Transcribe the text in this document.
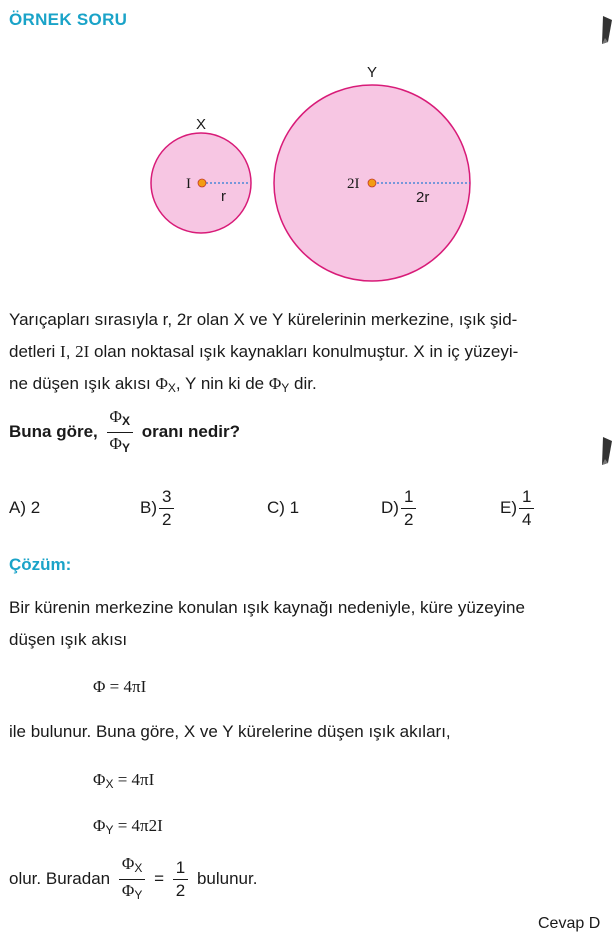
ÖRNEK SORU
X
I
r
Y
2I
2r
Yarıçapları sırasıyla r, 2r olan X ve Y kürelerinin merkezine, ışık şid-
detleri I, 2I olan noktasal ışık kaynakları konulmuştur. X in iç yüzeyi-
ne düşen ışık akısı $\Phi_X$, Y nin ki de $\Phi_Y$ dir.
Buna göre, $\frac{\Phi_X}{\Phi_Y}$ oranı nedir?
A) 2	$B) \frac{3}{2}$	C) 1	$D) \frac{1}{2}$	$E) \frac{1}{4}$
Çözüm:
Bir kürenin merkezine konulan ışık kaynağı nedeniyle, küre yüzeyine
düşen ışık akısı
Φ = 4πI
ile bulunur. Buna göre, X ve Y kürelerine düşen ışık akıları,
$\Phi_X = 4\pi I$
$\Phi_Y = 4\pi 2I$
olur. Buradan $\frac{\Phi_X}{\Phi_Y} = \frac{1}{2}$ bulunur.
Cevap D
